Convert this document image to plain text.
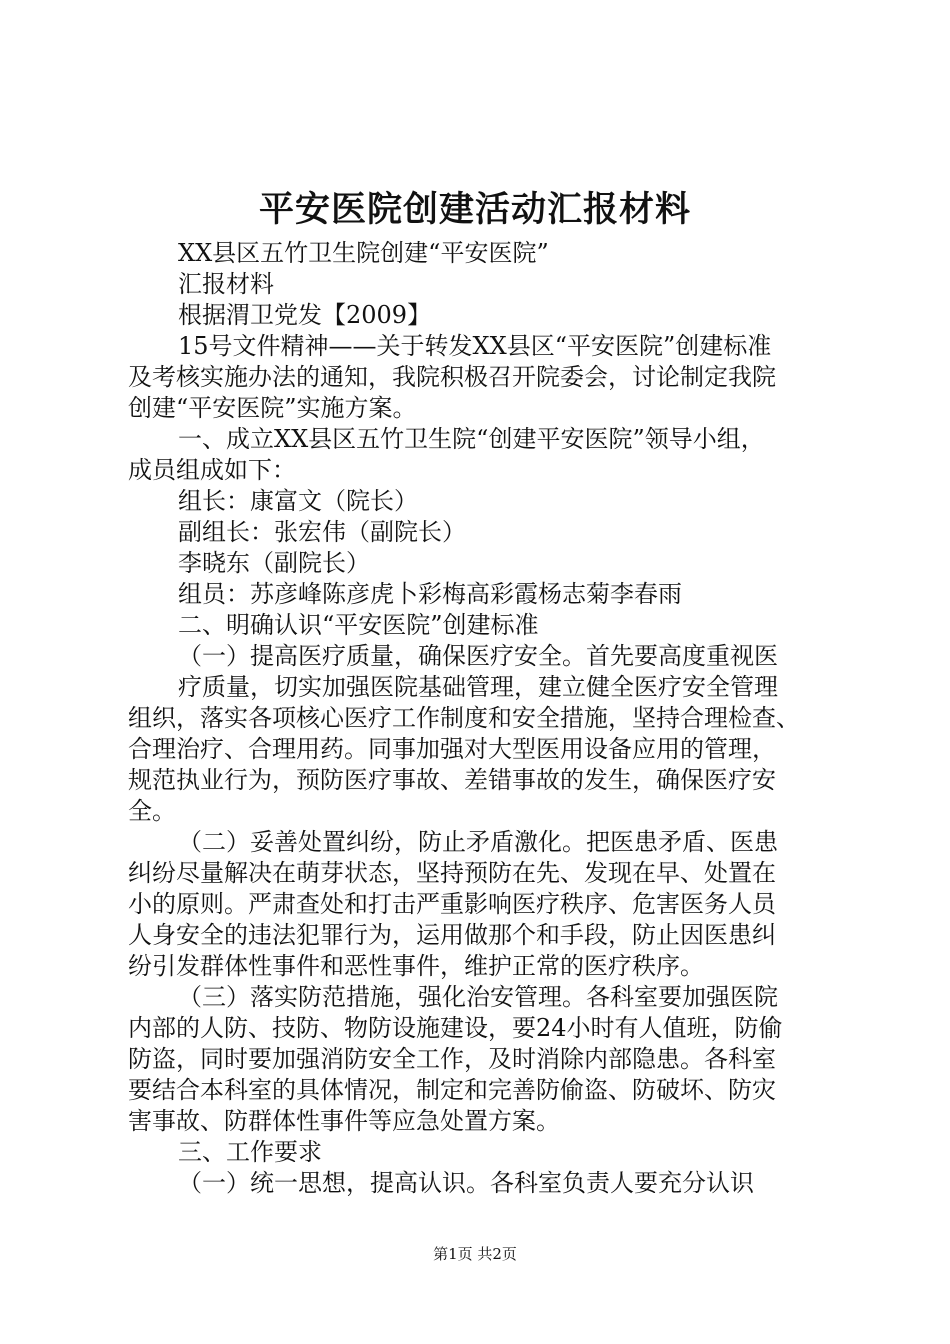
平安医院创建活动汇报材料
XX县区五竹卫生院创建“平安医院”
汇报材料
根据渭卫党发【2009】
15号文件精神——关于转发XX县区“平安医院”创建标准
及考核实施办法的通知，我院积极召开院委会，讨论制定我院
创建“平安医院”实施方案。
一、成立XX县区五竹卫生院“创建平安医院”领导小组，
成员组成如下：
组长：康富文（院长）
副组长：张宏伟（副院长）
李晓东（副院长）
组员：苏彦峰陈彦虎卜彩梅高彩霞杨志菊李春雨
二、明确认识“平安医院”创建标准
（一）提高医疗质量，确保医疗安全。首先要高度重视医
疗质量，切实加强医院基础管理，建立健全医疗安全管理
组织，落实各项核心医疗工作制度和安全措施，坚持合理检查、
合理治疗、合理用药。同事加强对大型医用设备应用的管理，
规范执业行为，预防医疗事故、差错事故的发生，确保医疗安
全。
（二）妥善处置纠纷，防止矛盾激化。把医患矛盾、医患
纠纷尽量解决在萌芽状态，坚持预防在先、发现在早、处置在
小的原则。严肃查处和打击严重影响医疗秩序、危害医务人员
人身安全的违法犯罪行为，运用做那个和手段，防止因医患纠
纷引发群体性事件和恶性事件，维护正常的医疗秩序。
（三）落实防范措施，强化治安管理。各科室要加强医院
内部的人防、技防、物防设施建设，要24小时有人值班，防偷
防盗，同时要加强消防安全工作，及时消除内部隐患。各科室
要结合本科室的具体情况，制定和完善防偷盗、防破坏、防灾
害事故、防群体性事件等应急处置方案。
三、工作要求
（一）统一思想，提高认识。各科室负责人要充分认识
第1页 共2页
